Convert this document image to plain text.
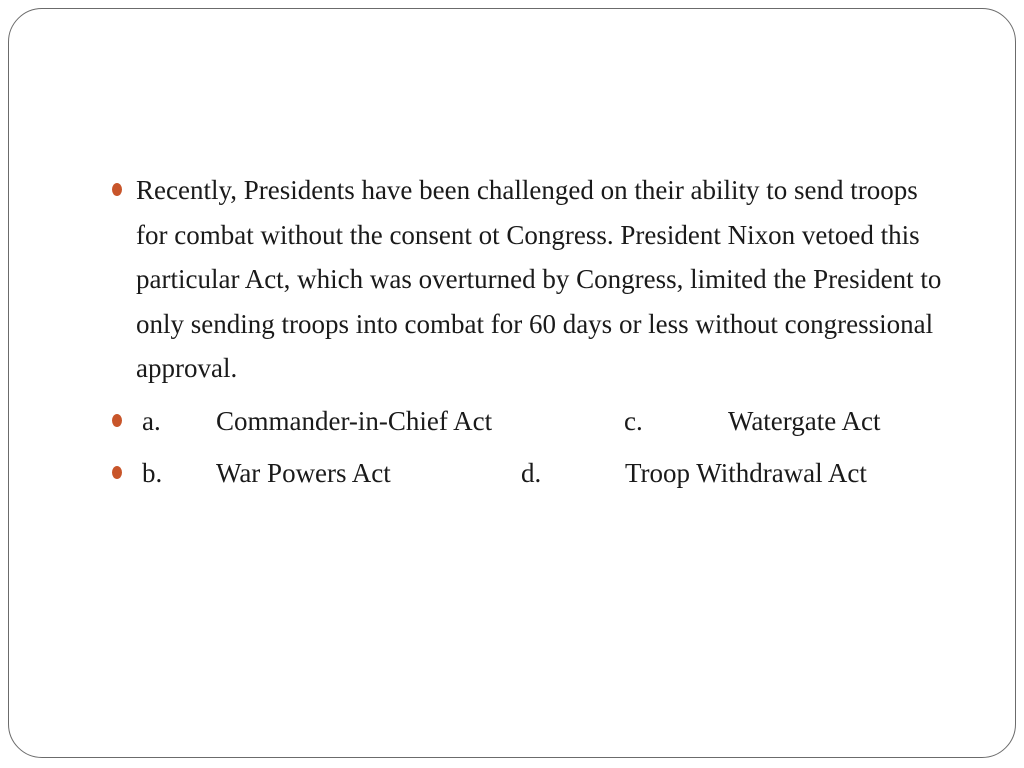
Recently, Presidents have been challenged on their ability to send troops for combat without the consent ot Congress. President Nixon vetoed this particular Act, which was overturned by Congress, limited the President to only sending troops into combat for 60 days or less without congressional approval.
a. Commander-in-Chief Act	c.	Watergate Act
b. War Powers Act	d.	Troop Withdrawal Act
